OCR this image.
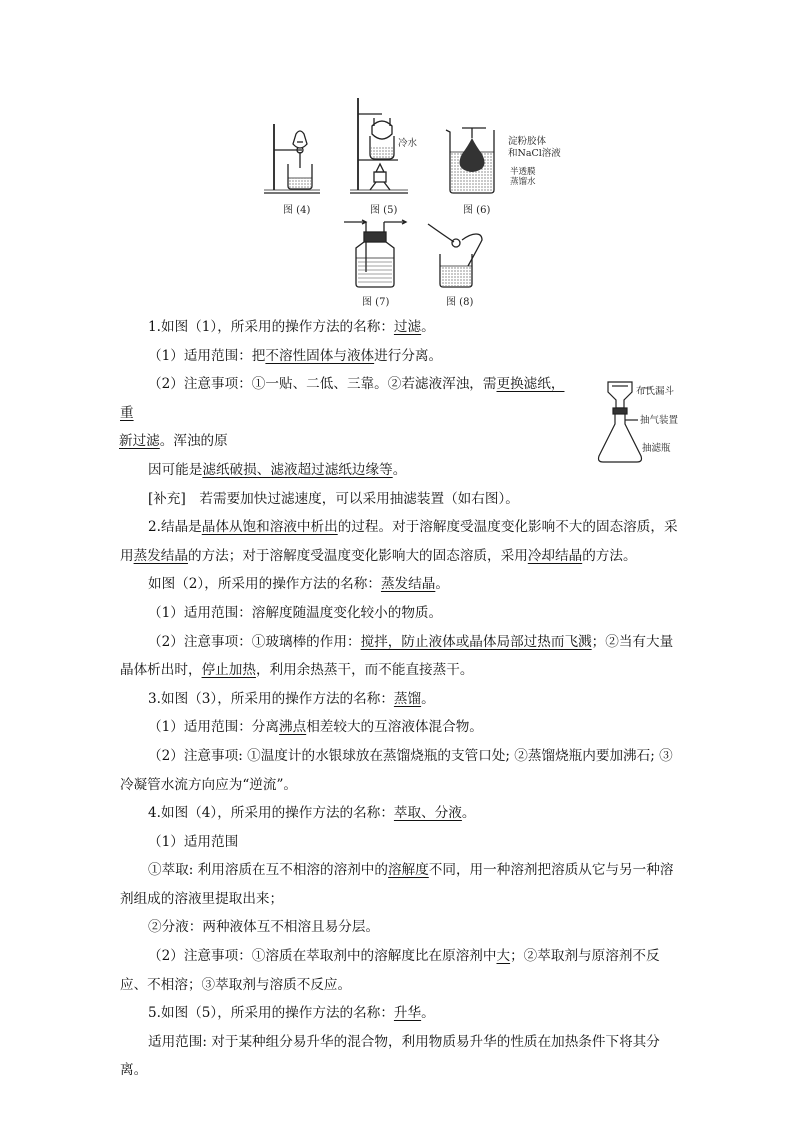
图 (4)
冷水
图 (5)
淀粉胶体
和NaCl溶液
半透膜
蒸馏水
图 (6)
图 (7)	图 (8)
布氏漏斗
抽气装置
抽滤瓶

1.如图（1），所采用的操作方法的名称：过滤。

（1）适用范围：把不溶性固体与液体进行分离。

（2）注意事项：①一贴、二低、三靠。②若滤液浑浊，需更换滤纸，重

新过滤。浑浊的原

因可能是滤纸破损、滤液超过滤纸边缘等。

[补充]　若需要加快过滤速度，可以采用抽滤装置（如右图）。

2.结晶是晶体从饱和溶液中析出的过程。对于溶解度受温度变化影响不大的固态溶质，采用蒸发结晶的方法；对于溶解度受温度变化影响大的固态溶质，采用冷却结晶的方法。

如图（2），所采用的操作方法的名称：蒸发结晶。

（1）适用范围：溶解度随温度变化较小的物质。

（2）注意事项：①玻璃棒的作用：搅拌，防止液体或晶体局部过热而飞溅；②当有大量晶体析出时，停止加热，利用余热蒸干，而不能直接蒸干。

3.如图（3），所采用的操作方法的名称：蒸馏。

（1）适用范围：分离沸点相差较大的互溶液体混合物。

（2）注意事项: ①温度计的水银球放在蒸馏烧瓶的支管口处; ②蒸馏烧瓶内要加沸石; ③冷凝管水流方向应为“逆流”。

4.如图（4），所采用的操作方法的名称：萃取、分液。

（1）适用范围

①萃取: 利用溶质在互不相溶的溶剂中的溶解度不同，用一种溶剂把溶质从它与另一种溶剂组成的溶液里提取出来；

②分液：两种液体互不相溶且易分层。

（2）注意事项：①溶质在萃取剂中的溶解度比在原溶剂中大；②萃取剂与原溶剂不反应、不相溶；③萃取剂与溶质不反应。

5.如图（5），所采用的操作方法的名称：升华。

适用范围: 对于某种组分易升华的混合物，利用物质易升华的性质在加热条件下将其分离。
